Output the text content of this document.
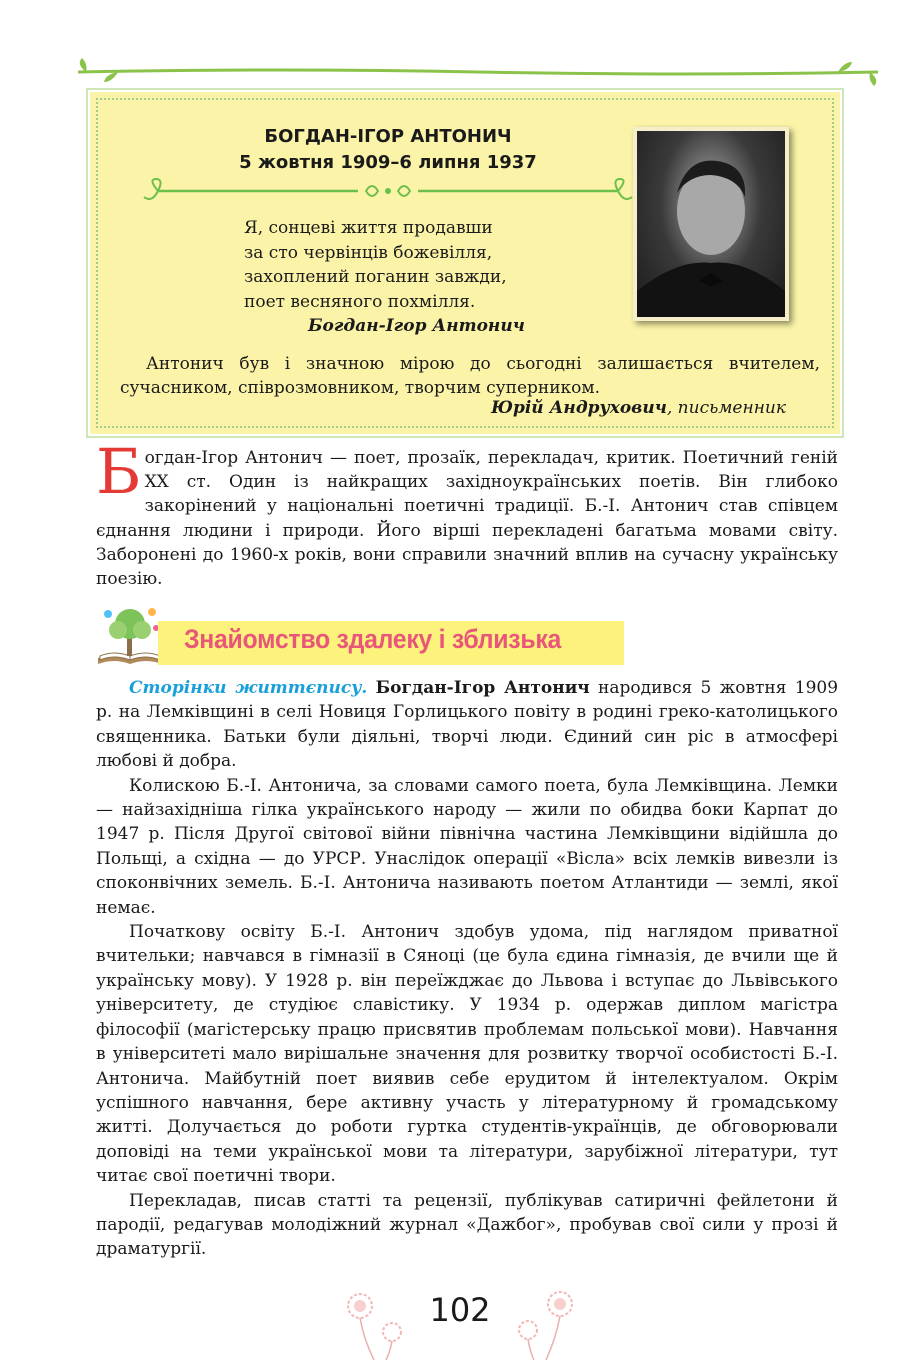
БОГДАН-ІГОР АНТОНИЧ
5 жовтня 1909–6 липня 1937
Я, сонцеві життя продавши
за сто червінців божевілля,
захоплений поганин завжди,
поет весняного похмілля.
Богдан-Ігор Антонич
Антонич був і значною мірою до сьогодні залишається вчителем, сучасником, співрозмовником, творчим суперником.
Юрій Андрухович, письменник
Богдан-Ігор Антонич — поет, прозаїк, перекладач, критик. Поетичний геній ХХ ст. Один із найкращих західноукраїнських поетів. Він глибоко закорінений у національні поетичні традиції. Б.-І. Антонич став співцем єднання людини і природи. Його вірші перекладені багатьма мовами світу. Заборонені до 1960-х років, вони справили значний вплив на сучасну українську поезію.
Знайомство здалеку і зблизька

Сторінки життєпису. Богдан-Ігор Антонич народився 5 жовтня 1909 р. на Лемківщині в селі Новиця Горлицького повіту в родині греко-католицького священника. Батьки були діяльні, творчі люди. Єдиний син ріс в атмосфері любові й добра.

Колискою Б.-І. Антонича, за словами самого поета, була Лемківщина. Лемки — найзахідніша гілка українського народу — жили по обидва боки Карпат до 1947 р. Після Другої світової війни північна частина Лемківщини відійшла до Польщі, а східна — до УРСР. Унаслідок операції «Вісла» всіх лемків вивезли із споконвічних земель. Б.-І. Антонича називають поетом Атлантиди — землі, якої немає.

Початкову освіту Б.-І. Антонич здобув удома, під наглядом приватної вчительки; навчався в гімназії в Сяноці (це була єдина гімназія, де вчили ще й українську мову). У 1928 р. він переїжджає до Львова і вступає до Львівського університету, де студіює славістику. У 1934 р. одержав диплом магістра філософії (магістерську працю присвятив проблемам польської мови). Навчання в університеті мало вирішальне значення для розвитку творчої особистості Б.-І. Антонича. Майбутній поет виявив себе ерудитом й інтелектуалом. Окрім успішного навчання, бере активну участь у літературному й громадському житті. Долучається до роботи гуртка студентів-українців, де обговорювали доповіді на теми української мови та літератури, зарубіжної літератури, тут читає свої поетичні твори.

Перекладав, писав статті та рецензії, публікував сатиричні фейлетони й пародії, редагував молодіжний журнал «Дажбог», пробував свої сили у прозі й драматургії.

102
